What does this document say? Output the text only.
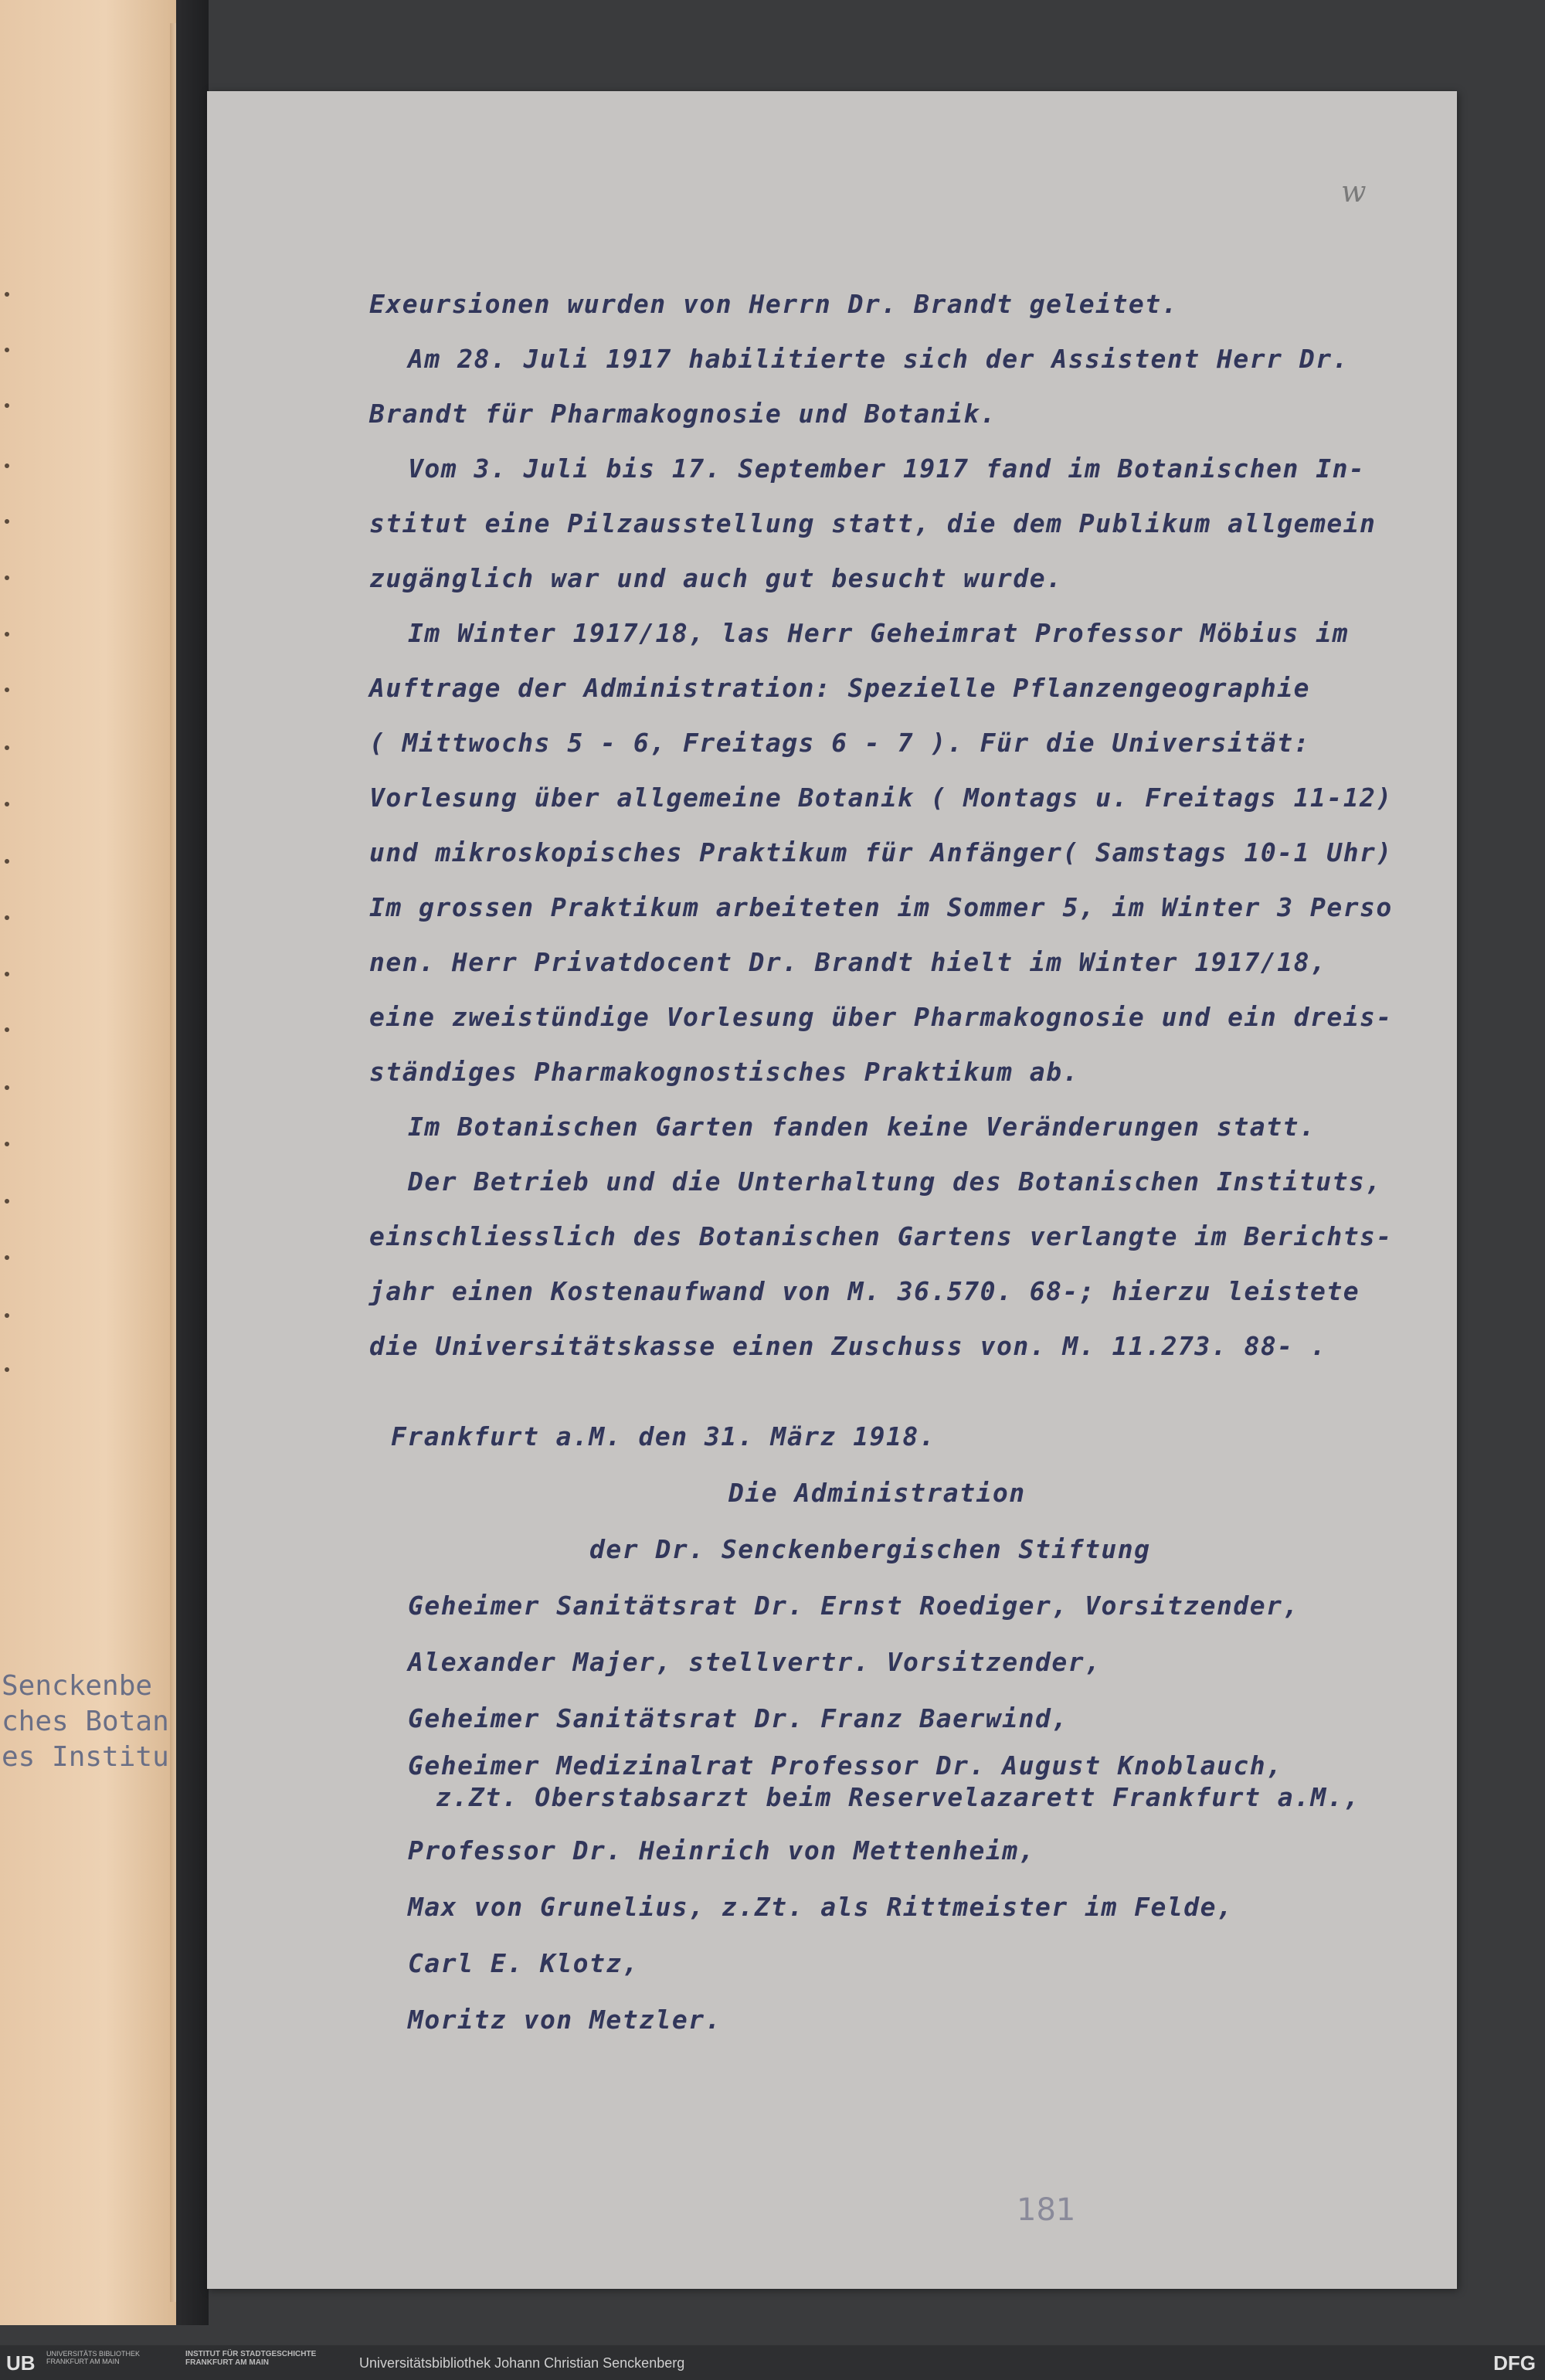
Senckenbe
ches Botan
es Institu
w
Exeursionen wurden von Herrn Dr. Brandt geleitet.
Am 28. Juli 1917 habilitierte sich der Assistent Herr Dr.
Brandt für Pharmakognosie und Botanik.
Vom 3. Juli bis 17. September 1917 fand im Botanischen In-
stitut eine Pilzausstellung statt, die dem Publikum allgemein
zugänglich war und auch gut besucht wurde.
Im Winter 1917/18, las Herr Geheimrat Professor Möbius im
Auftrage der Administration: Spezielle Pflanzengeographie
( Mittwochs 5 - 6, Freitags 6 - 7 ). Für die Universität:
Vorlesung über allgemeine Botanik ( Montags u. Freitags 11-12)
und mikroskopisches Praktikum für Anfänger( Samstags 10-1 Uhr)
Im grossen Praktikum arbeiteten im Sommer 5, im Winter 3 Perso
nen. Herr Privatdocent Dr. Brandt hielt im Winter 1917/18,
eine zweistündige Vorlesung über Pharmakognosie und ein dreis-
ständiges Pharmakognostisches Praktikum ab.
Im Botanischen Garten fanden keine Veränderungen statt.
Der Betrieb und die Unterhaltung des Botanischen Instituts,
einschliesslich des Botanischen Gartens verlangte im Berichts-
jahr einen Kostenaufwand von M. 36.570. 68-; hierzu leistete
die Universitätskasse einen Zuschuss von. M. 11.273. 88- .
Frankfurt a.M. den 31. März 1918.
Die Administration
der Dr. Senckenbergischen Stiftung
Geheimer Sanitätsrat Dr. Ernst Roediger, Vorsitzender,
Alexander Majer, stellvertr. Vorsitzender,
Geheimer Sanitätsrat Dr. Franz Baerwind,
Geheimer Medizinalrat Professor Dr. August Knoblauch,
z.Zt. Oberstabsarzt beim Reservelazarett Frankfurt a.M.,
Professor Dr. Heinrich von Mettenheim,
Max von Grunelius, z.Zt. als Rittmeister im Felde,
Carl E. Klotz,
Moritz von Metzler.
181
UB UNIVERSITÄTS BIBLIOTHEK FRANKFURT AM MAIN
INSTITUT FÜR STADTGESCHICHTE FRANKFURT AM MAIN	Universitätsbibliothek Johann Christian Senckenberg	DFG
